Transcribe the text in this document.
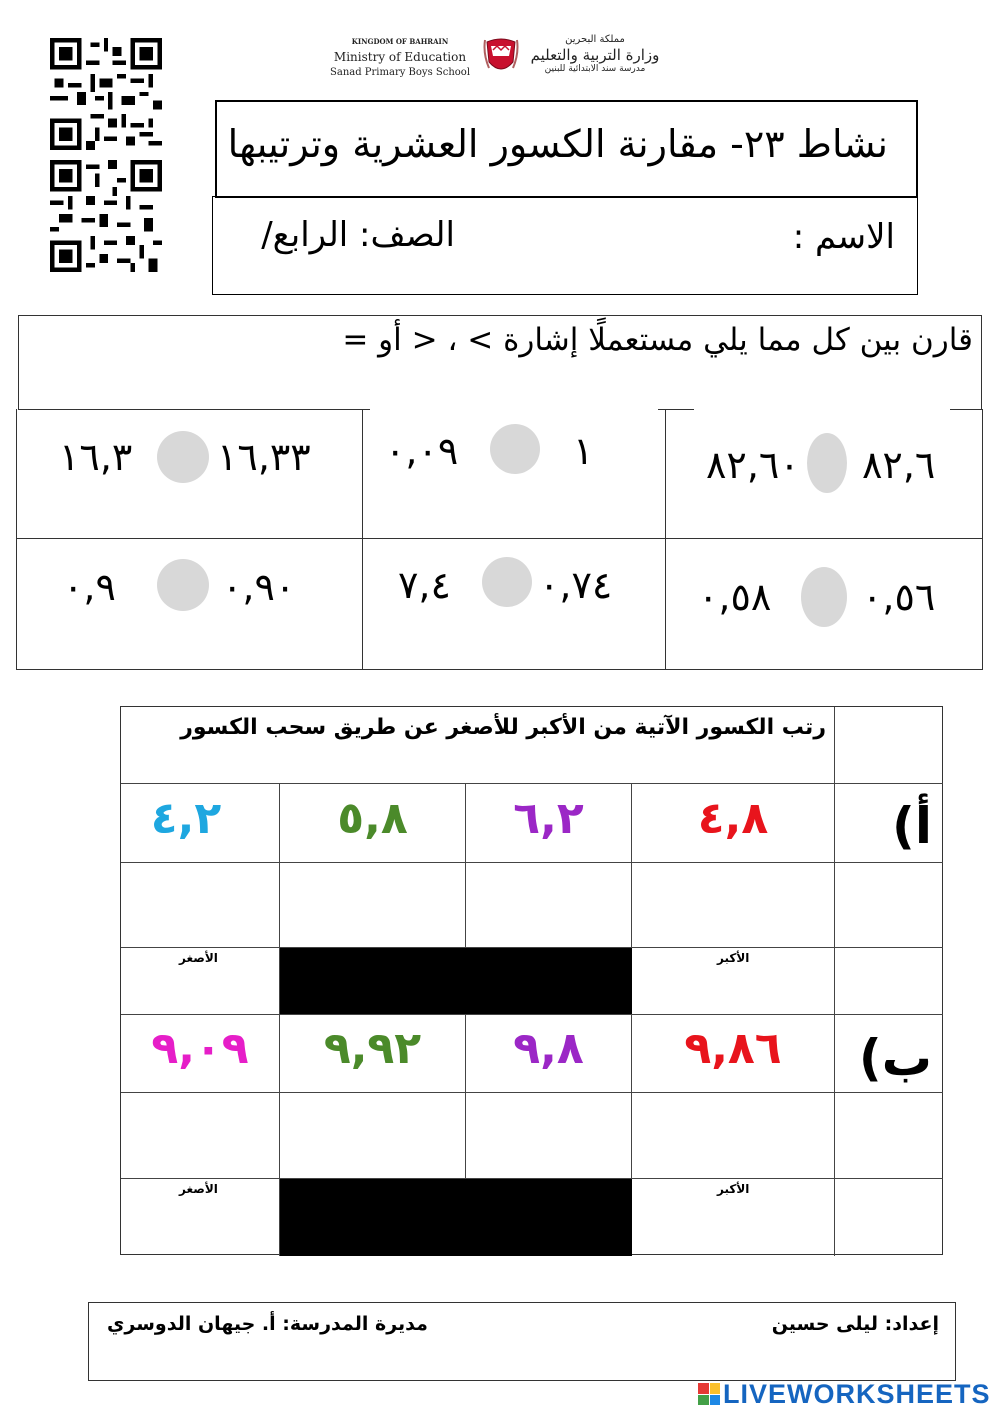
KINGDOM OF BAHRAIN
Ministry of Education
Sanad Primary Boys School
مملكة البحرين
وزارة التربية والتعليم
مدرسة سند الابتدائية للبنين
نشاط ٢٣- مقارنة الكسور العشرية وترتيبها
الاسم :
الصف: الرابع/
قارن بين كل مما يلي مستعملًا إشارة > ، < أو =
٨٢,٦٠ ٨٢,٦
٠,٠٩	١
١٦,٣ ١٦,٣٣
٠,٥٨ ٠,٥٦
٧,٤ ٠,٧٤
٠,٩	٠,٩٠
رتب الكسور الآتية من الأكبر للأصغر عن طريق سحب الكسور
أ)
٤,٨
٦,٢
٥,٨
٤,٢
الأكبر
الأصغر
ب)
٩,٨٦
٩,٨
٩,٩٢
٩,٠٩
الأكبر
الأصغر
إعداد: ليلى حسين
مديرة المدرسة: أ. جيهان الدوسري
LIVEWORKSHEETS
